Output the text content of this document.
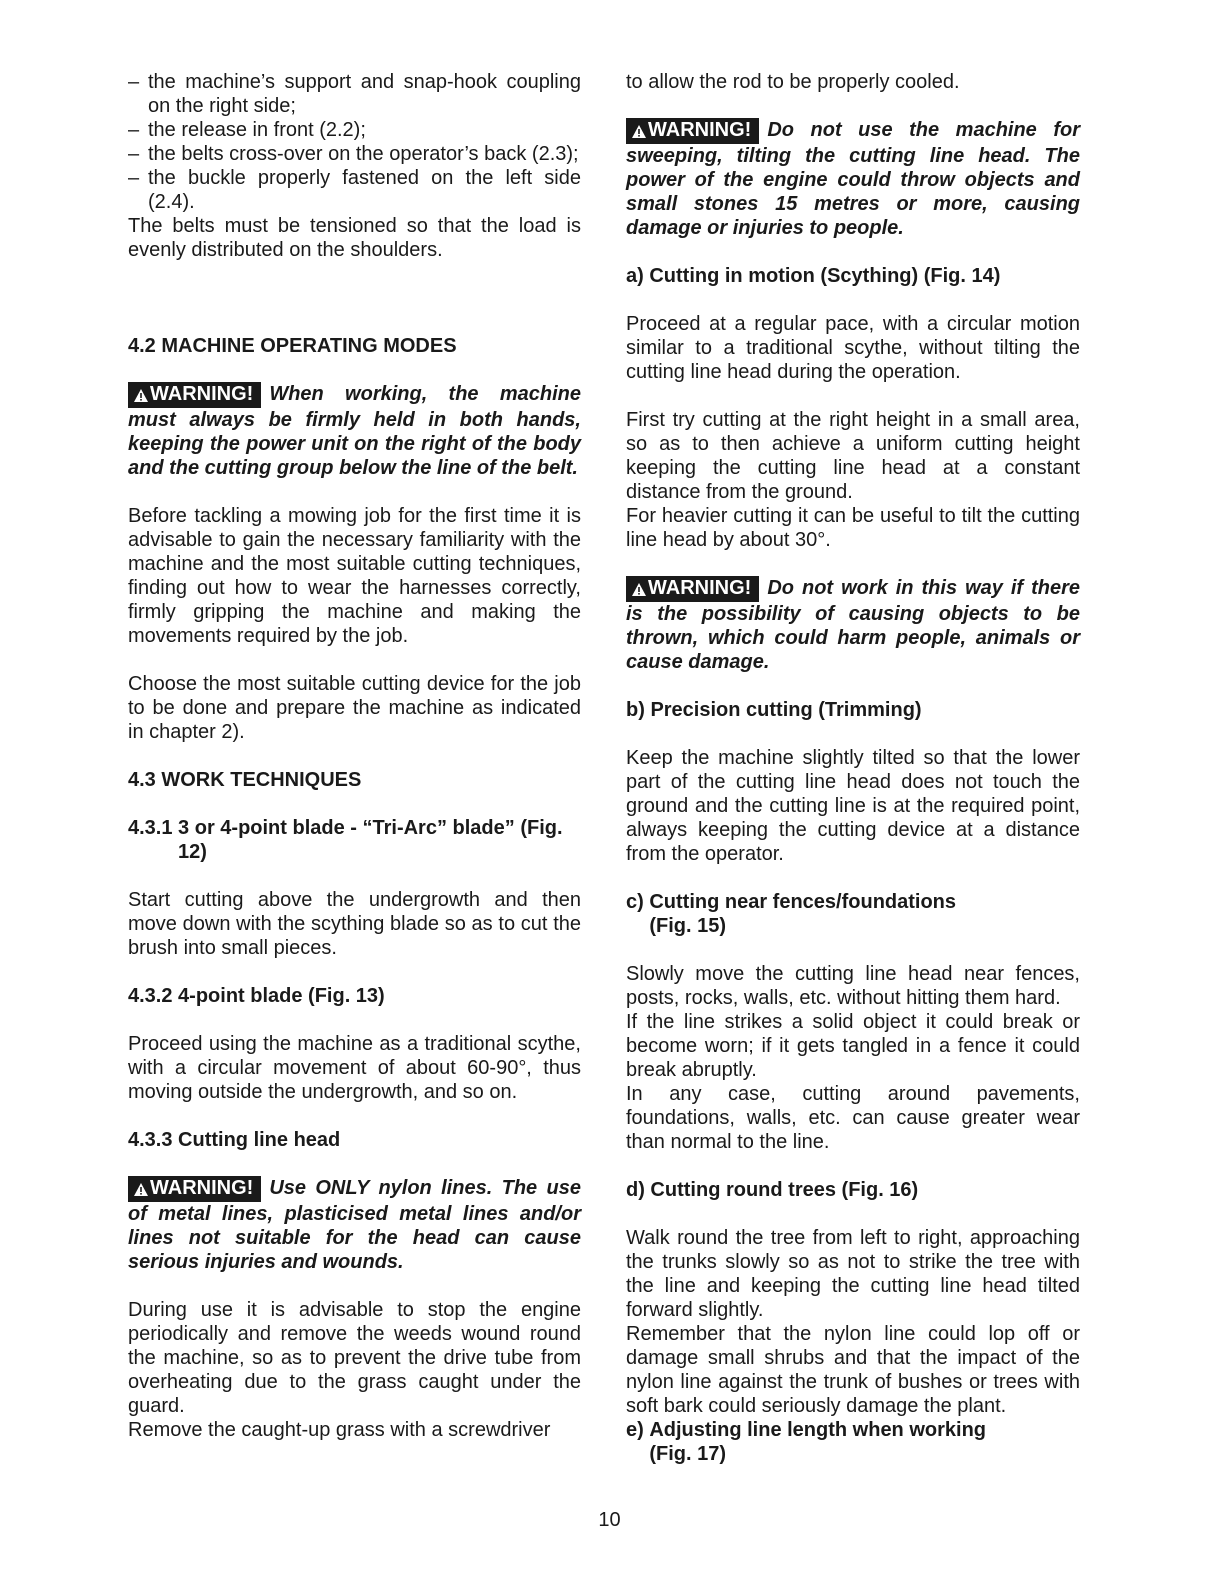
– the machine’s support and snap-hook coupling on the right side;
– the release in front (2.2);
– the belts cross-over on the operator’s back (2.3);
– the buckle properly fastened on the left side (2.4).

The belts must be tensioned so that the load is evenly distributed on the shoulders.

4.2 MACHINE OPERATING MODES

WARNING! When working, the machine must always be firmly held in both hands, keeping the power unit on the right of the body and the cutting group below the line of the belt.

Before tackling a mowing job for the first time it is advisable to gain the necessary familiarity with the machine and the most suitable cutting techniques, finding out how to wear the harnesses correctly, firmly gripping the machine and making the movements required by the job.

Choose the most suitable cutting device for the job to be done and prepare the machine as indicated in chapter 2).

4.3 WORK TECHNIQUES

4.3.1 3 or 4-point blade - “Tri-Arc” blade” (Fig. 12)

Start cutting above the undergrowth and then move down with the scything blade so as to cut the brush into small pieces.

4.3.2 4-point blade (Fig. 13)

Proceed using the machine as a traditional scythe, with a circular movement of about 60-90°, thus moving outside the undergrowth, and so on.

4.3.3 Cutting line head

WARNING! Use ONLY nylon lines. The use of metal lines, plasticised metal lines and/or lines not suitable for the head can cause serious injuries and wounds.

During use it is advisable to stop the engine periodically and remove the weeds wound round the machine, so as to prevent the drive tube from overheating due to the grass caught under the guard.

Remove the caught-up grass with a screwdriver

to allow the rod to be properly cooled.

WARNING! Do not use the machine for sweeping, tilting the cutting line head. The power of the engine could throw objects and small stones 15 metres or more, causing damage or injuries to people.

a) Cutting in motion (Scything) (Fig. 14)

Proceed at a regular pace, with a circular motion similar to a traditional scythe, without tilting the cutting line head during the operation.

First try cutting at the right height in a small area, so as to then achieve a uniform cutting height keeping the cutting line head at a constant distance from the ground.

For heavier cutting it can be useful to tilt the cutting line head by about 30°.

WARNING! Do not work in this way if there is the possibility of causing objects to be thrown, which could harm people, animals or cause damage.

b) Precision cutting (Trimming)

Keep the machine slightly tilted so that the lower part of the cutting line head does not touch the ground and the cutting line is at the required point, always keeping the cutting device at a distance from the operator.

c) Cutting near fences/foundations (Fig. 15)

Slowly move the cutting line head near fences, posts, rocks, walls, etc. without hitting them hard.

If the line strikes a solid object it could break or become worn; if it gets tangled in a fence it could break abruptly.

In any case, cutting around pavements, foundations, walls, etc. can cause greater wear than normal to the line.

d) Cutting round trees (Fig. 16)

Walk round the tree from left to right, approaching the trunks slowly so as not to strike the tree with the line and keeping the cutting line head tilted forward slightly.

Remember that the nylon line could lop off or damage small shrubs and that the impact of the nylon line against the trunk of bushes or trees with soft bark could seriously damage the plant.

e) Adjusting line length when working (Fig. 17)
10
